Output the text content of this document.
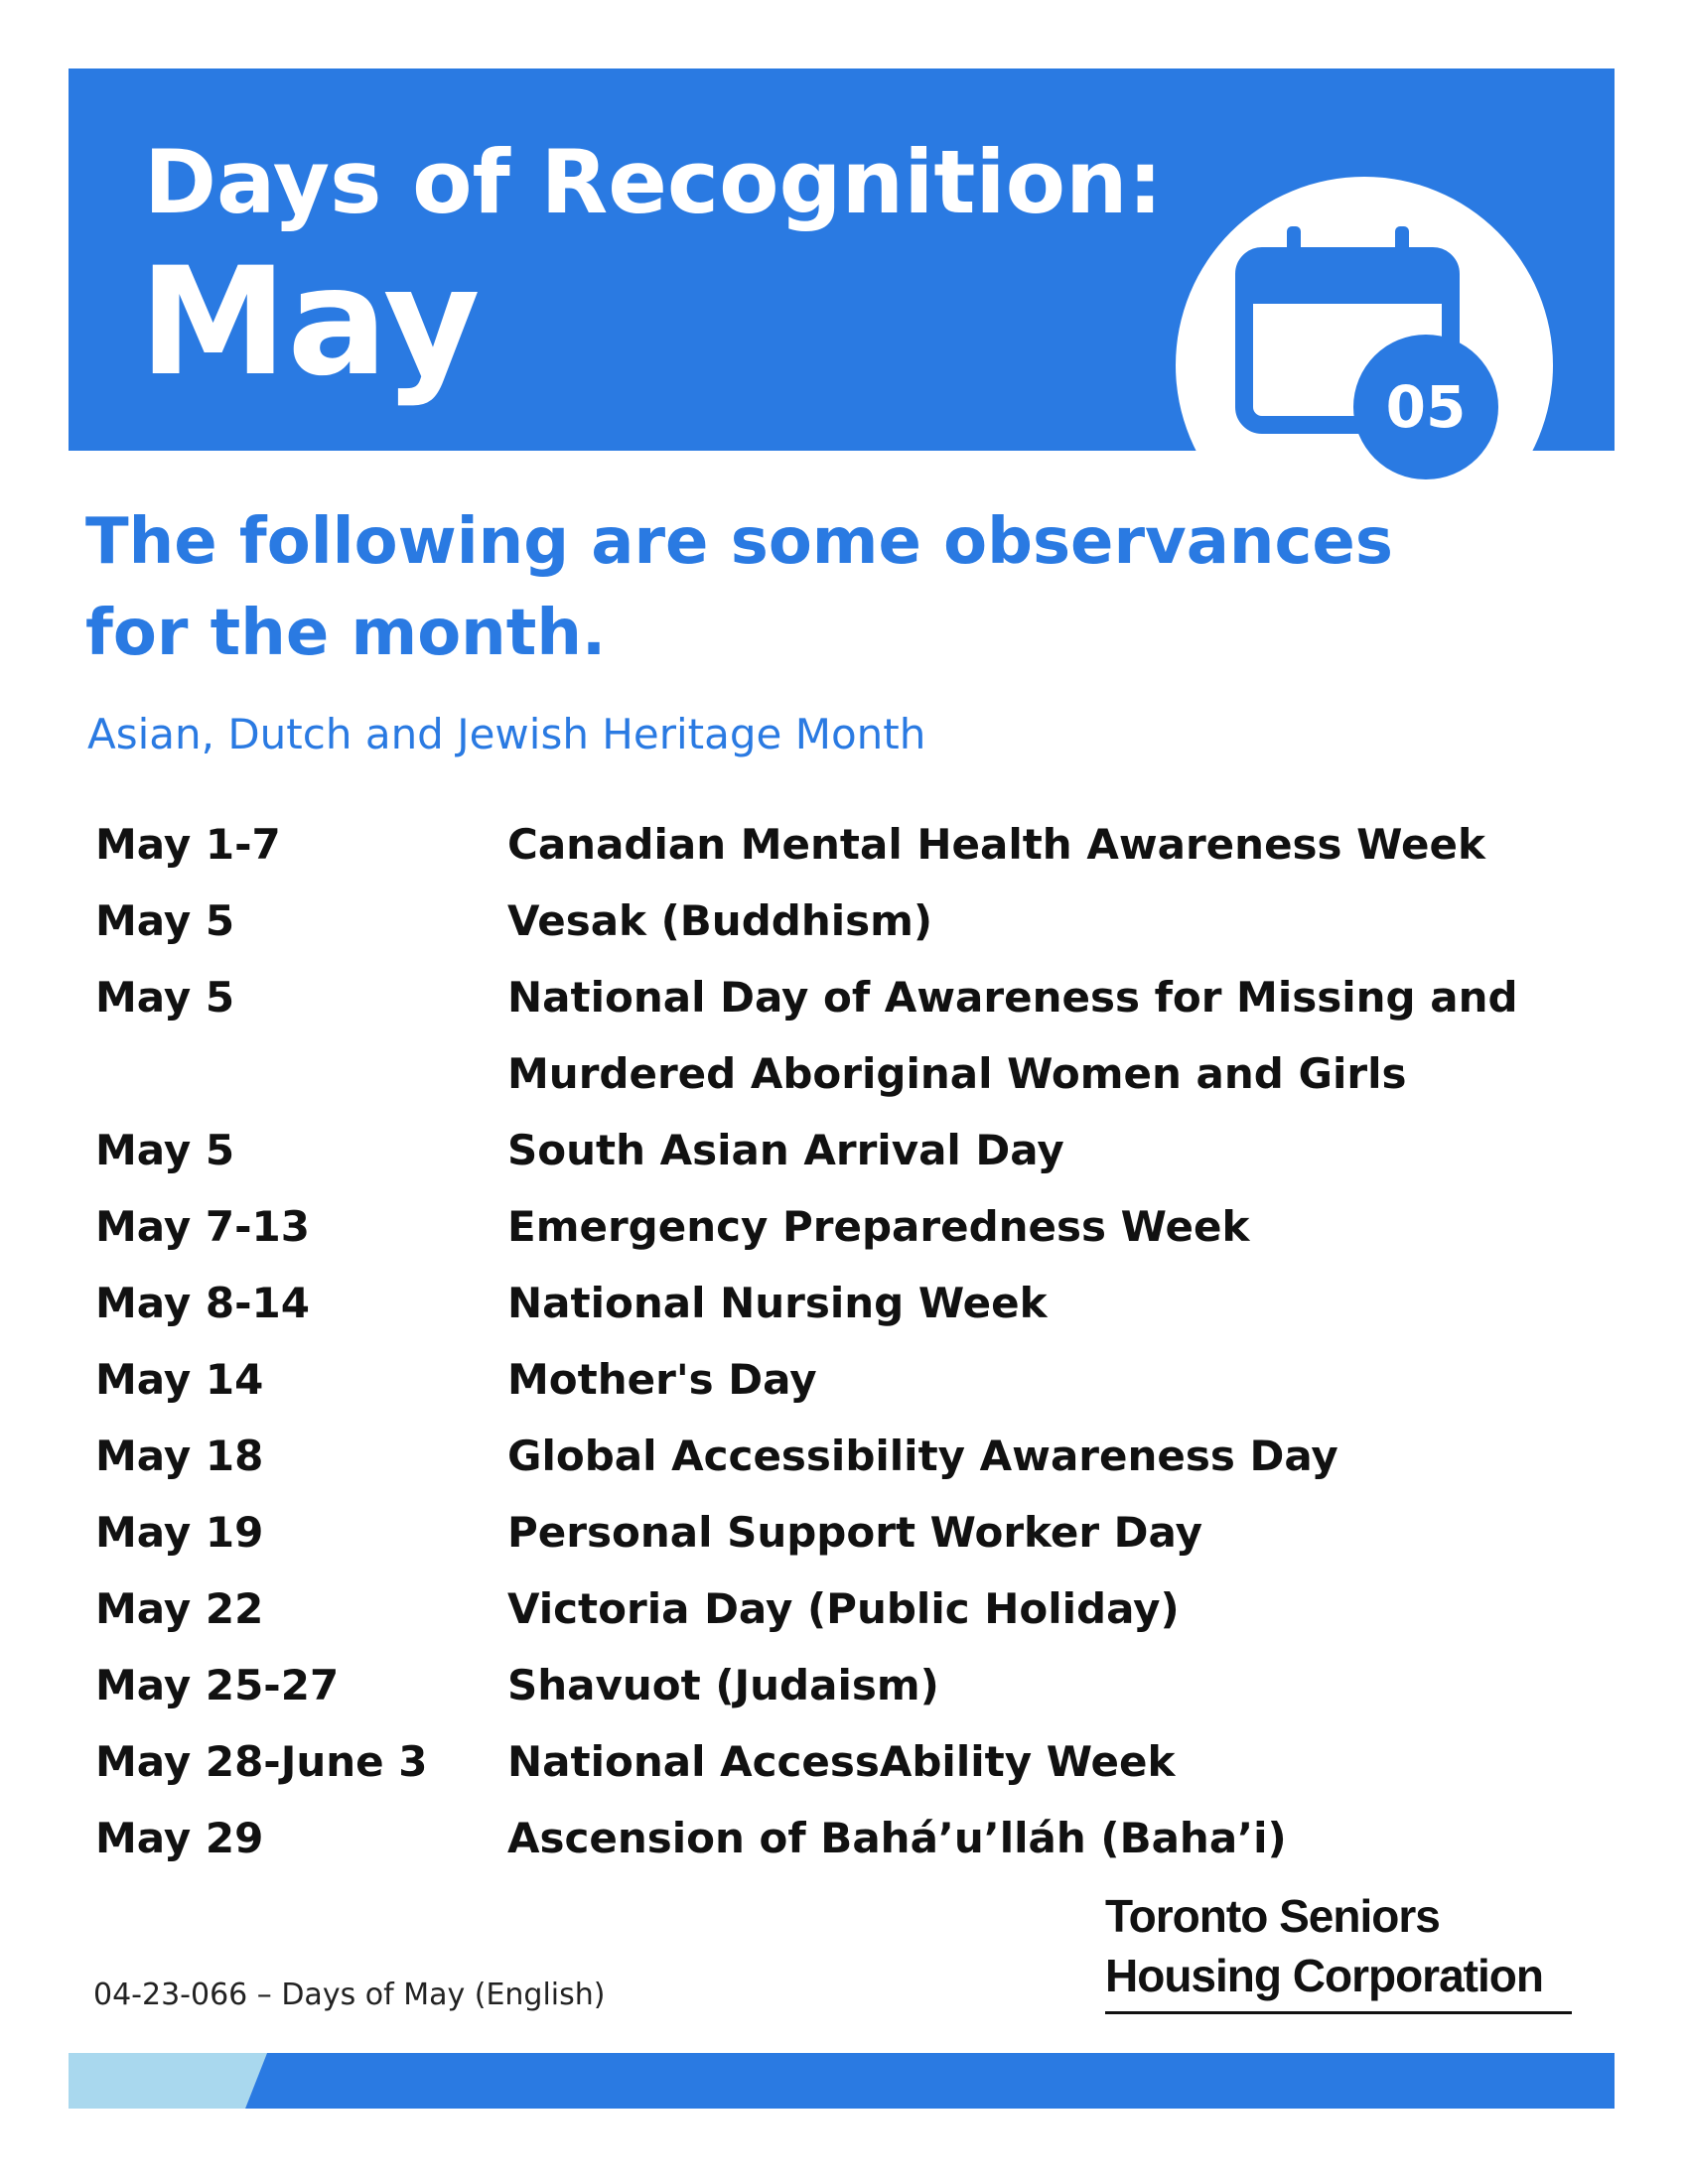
Days of Recognition:
May	05
The following are some observances for the month.
Asian, Dutch and Jewish Heritage Month
May 1-7	Canadian Mental Health Awareness Week
May 5	Vesak (Buddhism)
May 5	National Day of Awareness for Missing and Murdered Aboriginal Women and Girls
May 5	South Asian Arrival Day
May 7-13	Emergency Preparedness Week
May 8-14	National Nursing Week
May 14	Mother's Day
May 18	Global Accessibility Awareness Day
May 19	Personal Support Worker Day
May 22	Victoria Day (Public Holiday)
May 25-27	Shavuot (Judaism)
May 28-June 3	National AccessAbility Week
May 29	Ascension of Bahá’u’lláh (Baha’i)
04-23-066 – Days of May (English)
Toronto Seniors
Housing Corporation
